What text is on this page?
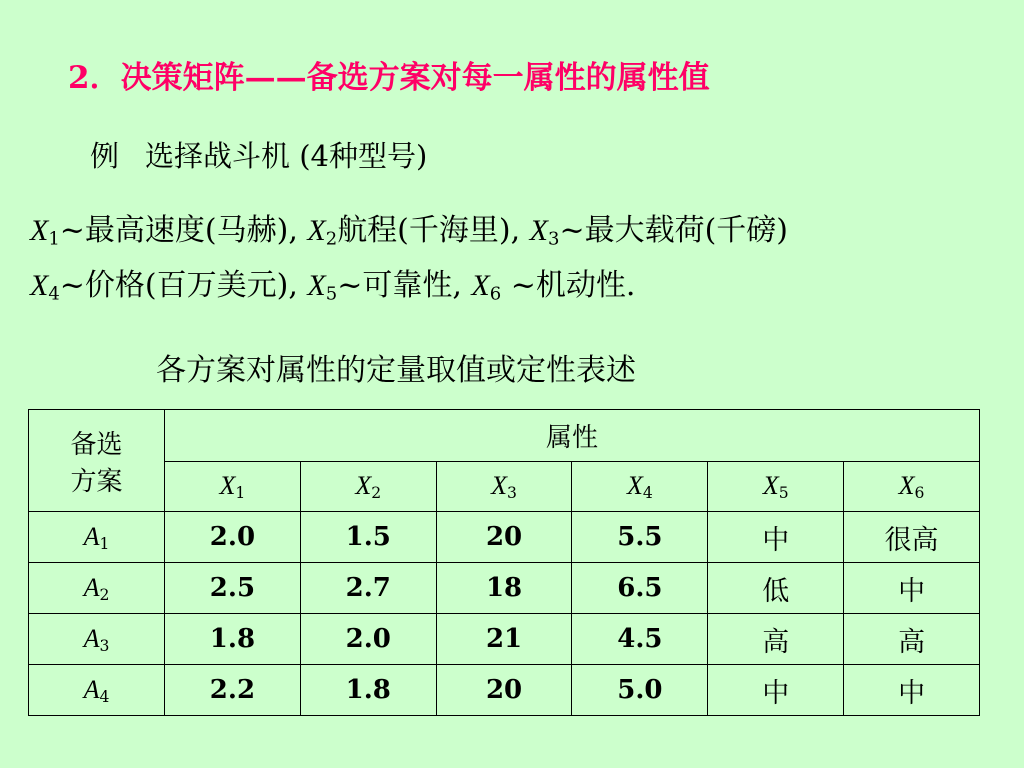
2．决策矩阵——备选方案对每一属性的属性值
例 选择战斗机 (4种型号)
$X_1\sim$最高速度(马赫), $X_2$航程(千海里), $X_3\sim$最大载荷(千磅)
$X_4\sim$价格(百万美元), $X_5\sim$可靠性, $X_6$ ~机动性.
各方案对属性的定量取值或定性表述
备选
方案	属性					
	$X_1$	$X_2$	$X_3$	$X_4$	$X_5$	$X_6$
$A_1$	2.0	1.5	20	5.5	中	很高
$A_2$	2.5	2.7	18	6.5	低	中
$A_3$	1.8	2.0	21	4.5	高	高
$A_4$	2.2	1.8	20	5.0	中	中
